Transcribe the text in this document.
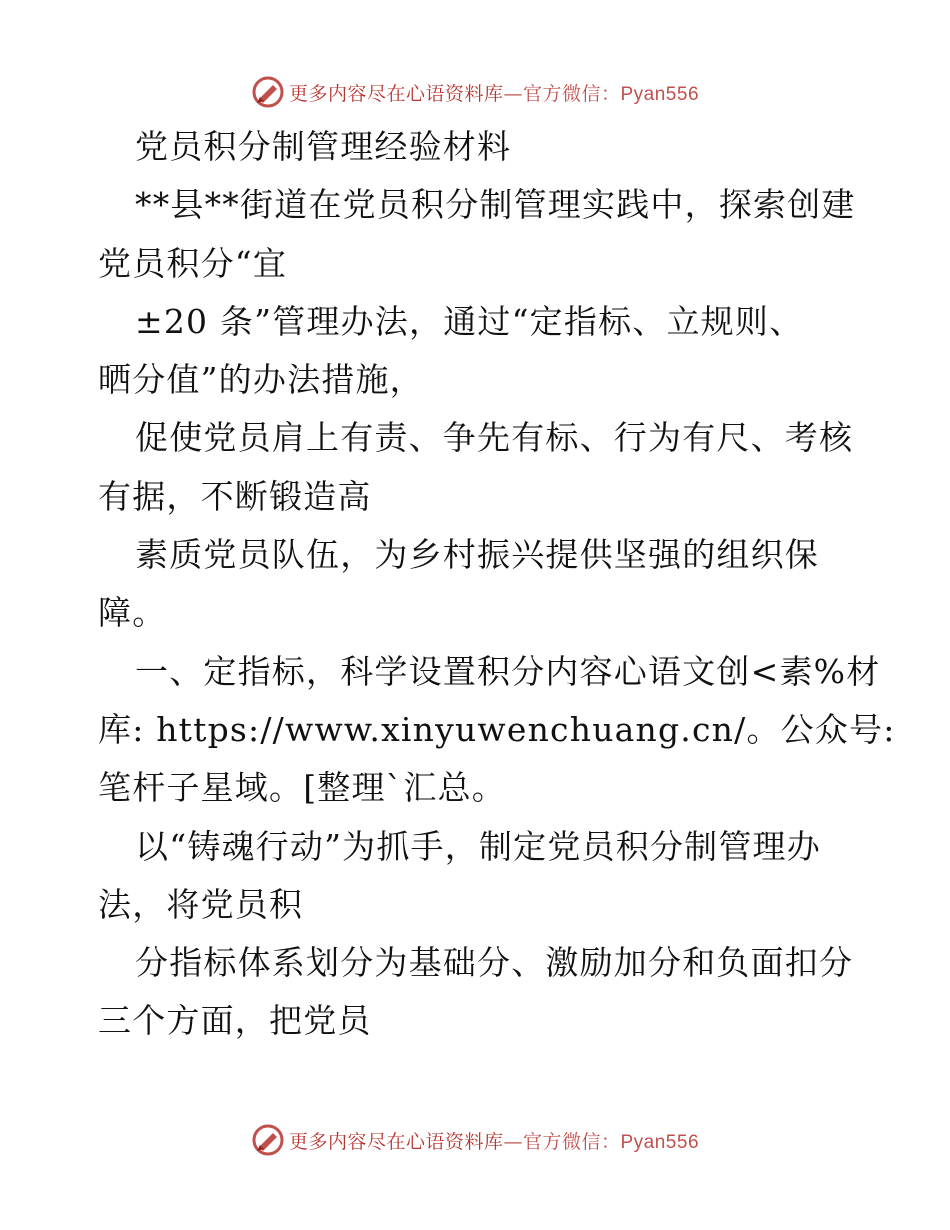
更多内容尽在心语资料库—官方微信：Pyan556
党员积分制管理经验材料
**县**街道在党员积分制管理实践中，探索创建
党员积分“宜
±20 条”管理办法，通过“定指标、立规则、
晒分值”的办法措施，
促使党员肩上有责、争先有标、行为有尺、考核
有据，不断锻造高
素质党员队伍，为乡村振兴提供坚强的组织保
障。
一、定指标，科学设置积分内容心语文创<素%材
库: https://www.xinyuwenchuang.cn/。公众号:
笔杆子星域。[整理`汇总。
以“铸魂行动”为抓手，制定党员积分制管理办
法，将党员积
分指标体系划分为基础分、激励加分和负面扣分
三个方面，把党员
更多内容尽在心语资料库—官方微信：Pyan556
